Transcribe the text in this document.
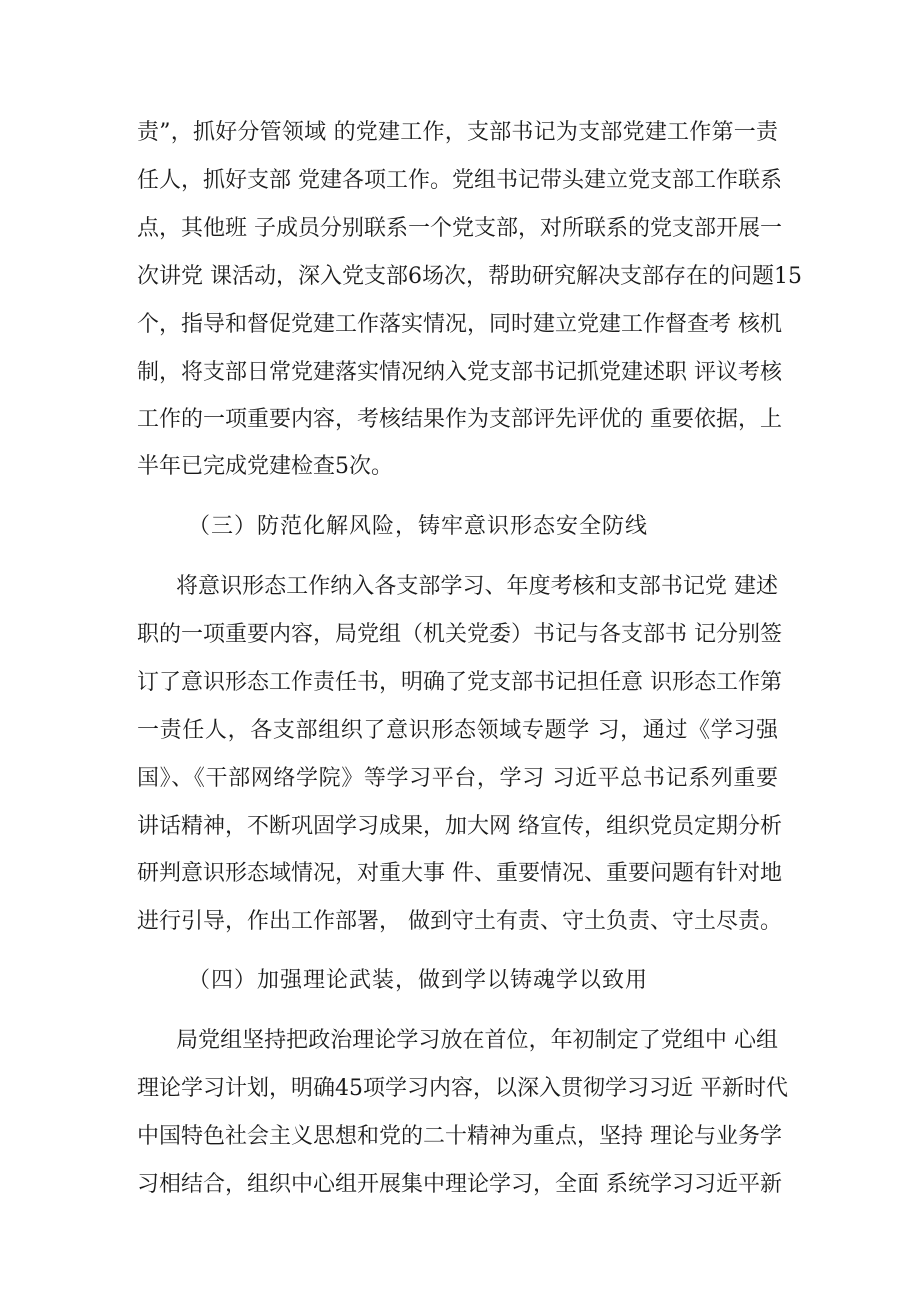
责”，抓好分管领域 的党建工作，支部书记为支部党建工作第一责
任人，抓好支部 党建各项工作。党组书记带头建立党支部工作联系
点，其他班 子成员分别联系一个党支部，对所联系的党支部开展一
次讲党 课活动，深入党支部6场次，帮助研究解决支部存在的问题15
个，指导和督促党建工作落实情况，同时建立党建工作督查考 核机
制，将支部日常党建落实情况纳入党支部书记抓党建述职 评议考核
工作的一项重要内容，考核结果作为支部评先评优的 重要依据，上
半年已完成党建检查5次。
（三）防范化解风险，铸牢意识形态安全防线
将意识形态工作纳入各支部学习、年度考核和支部书记党 建述
职的一项重要内容，局党组（机关党委）书记与各支部书 记分别签
订了意识形态工作责任书，明确了党支部书记担任意 识形态工作第
一责任人，各支部组织了意识形态领域专题学 习，通过《学习强
国》、《干部网络学院》等学习平台，学习 习近平总书记系列重要
讲话精神，不断巩固学习成果，加大网 络宣传，组织党员定期分析
研判意识形态域情况，对重大事 件、重要情况、重要问题有针对地
进行引导，作出工作部署， 做到守土有责、守土负责、守土尽责。
（四）加强理论武装，做到学以铸魂学以致用
局党组坚持把政治理论学习放在首位，年初制定了党组中 心组
理论学习计划，明确45项学习内容，以深入贯彻学习习近 平新时代
中国特色社会主义思想和党的二十精神为重点，坚持 理论与业务学
习相结合，组织中心组开展集中理论学习，全面 系统学习习近平新
